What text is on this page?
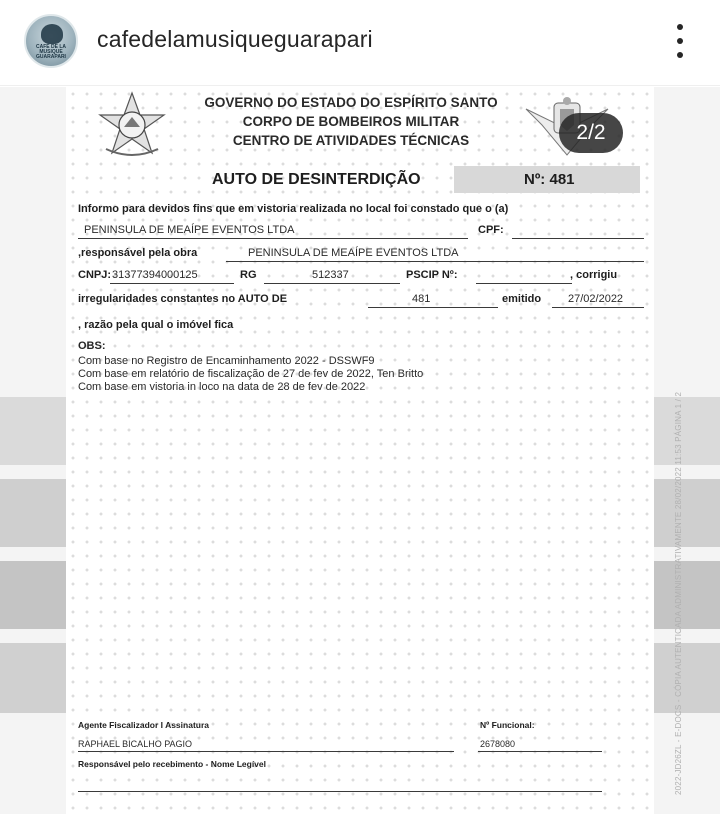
CAFÉ DE LA MUSIQUE GUARAPARI
cafedelamusiqueguarapari
GOVERNO DO ESTADO DO ESPÍRITO SANTO
CORPO DE BOMBEIROS MILITAR
CENTRO DE ATIVIDADES TÉCNICAS
AUTO DE DESINTERDIÇÃO	Nº: 481
Informo para devidos fins que em vistoria realizada no local foi constado que o (a)
PENINSULA DE MEAÍPE EVENTOS LTDA	CPF:
,responsável pela obra	PENINSULA DE MEAÍPE EVENTOS LTDA
CNPJ: 31377394000125	RG	512337	PSCIP Nº:	, corrigiu
irregularidades constantes no AUTO DE	481	emitido 27/02/2022
, razão pela qual o imóvel fica
OBS:
Com base no Registro de Encaminhamento 2022 - DSSWF9
Com base em relatório de fiscalização de 27 de fev de 2022, Ten Britto
Com base em vistoria in loco na data de 28 de fev de 2022
Agente Fiscalizador I Assinatura
RAPHAEL BICALHO PAGIO
Nº Funcional:
2678080
Responsável pelo recebimento - Nome Legível
2/2
2022-JD26ZL - E-DOCS - CÓPIA AUTENTICADA ADMINISTRATIVAMENTE 28/02/2022 11:53 PÁGINA 1 / 2
